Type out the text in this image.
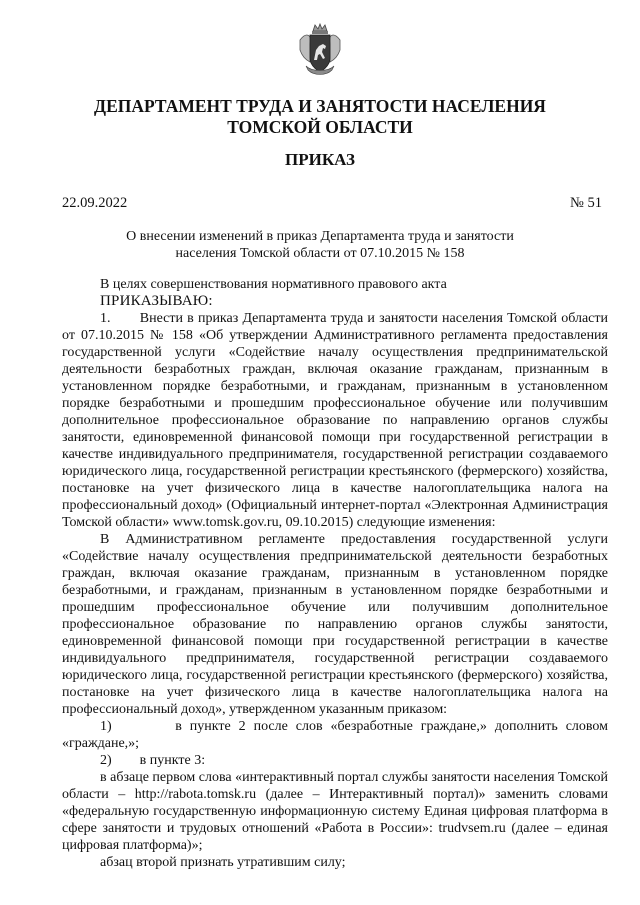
ДЕПАРТАМЕНТ ТРУДА И ЗАНЯТОСТИ НАСЕЛЕНИЯ
ТОМСКОЙ ОБЛАСТИ
ПРИКАЗ
22.09.2022	№ 51
О внесении изменений в приказ Департамента труда и занятости
населения Томской области от 07.10.2015 № 158

В целях совершенствования нормативного правового акта

ПРИКАЗЫВАЮ:

1. Внести в приказ Департамента труда и занятости населения Томской области от 07.10.2015 № 158 «Об утверждении Административного регламента предоставления государственной услуги «Содействие началу осуществления предпринимательской деятельности безработных граждан, включая оказание гражданам, признанным в установленном порядке безработными, и гражданам, признанным в установленном порядке безработными и прошедшим профессиональное обучение или получившим дополнительное профессиональное образование по направлению органов службы занятости, единовременной финансовой помощи при государственной регистрации в качестве индивидуального предпринимателя, государственной регистрации создаваемого юридического лица, государственной регистрации крестьянского (фермерского) хозяйства, постановке на учет физического лица в качестве налогоплательщика налога на профессиональный доход» (Официальный интернет-портал «Электронная Администрация Томской области» www.tomsk.gov.ru, 09.10.2015) следующие изменения:

В Административном регламенте предоставления государственной услуги «Содействие началу осуществления предпринимательской деятельности безработных граждан, включая оказание гражданам, признанным в установленном порядке безработными, и гражданам, признанным в установленном порядке безработными и прошедшим профессиональное обучение или получившим дополнительное профессиональное образование по направлению органов службы занятости, единовременной финансовой помощи при государственной регистрации в качестве индивидуального предпринимателя, государственной регистрации создаваемого юридического лица, государственной регистрации крестьянского (фермерского) хозяйства, постановке на учет физического лица в качестве налогоплательщика налога на профессиональный доход», утвержденном указанным приказом:

1)	в пункте 2 после слов «безработные граждане,» дополнить словом «граждане,»;

2) в пункте 3:

в абзаце первом слова «интерактивный портал службы занятости населения Томской области – http://rabota.tomsk.ru (далее – Интерактивный портал)» заменить словами «федеральную государственную информационную систему Единая цифровая платформа в сфере занятости и трудовых отношений «Работа в России»: trudvsem.ru (далее – единая цифровая платформа)»;

абзац второй признать утратившим силу;
